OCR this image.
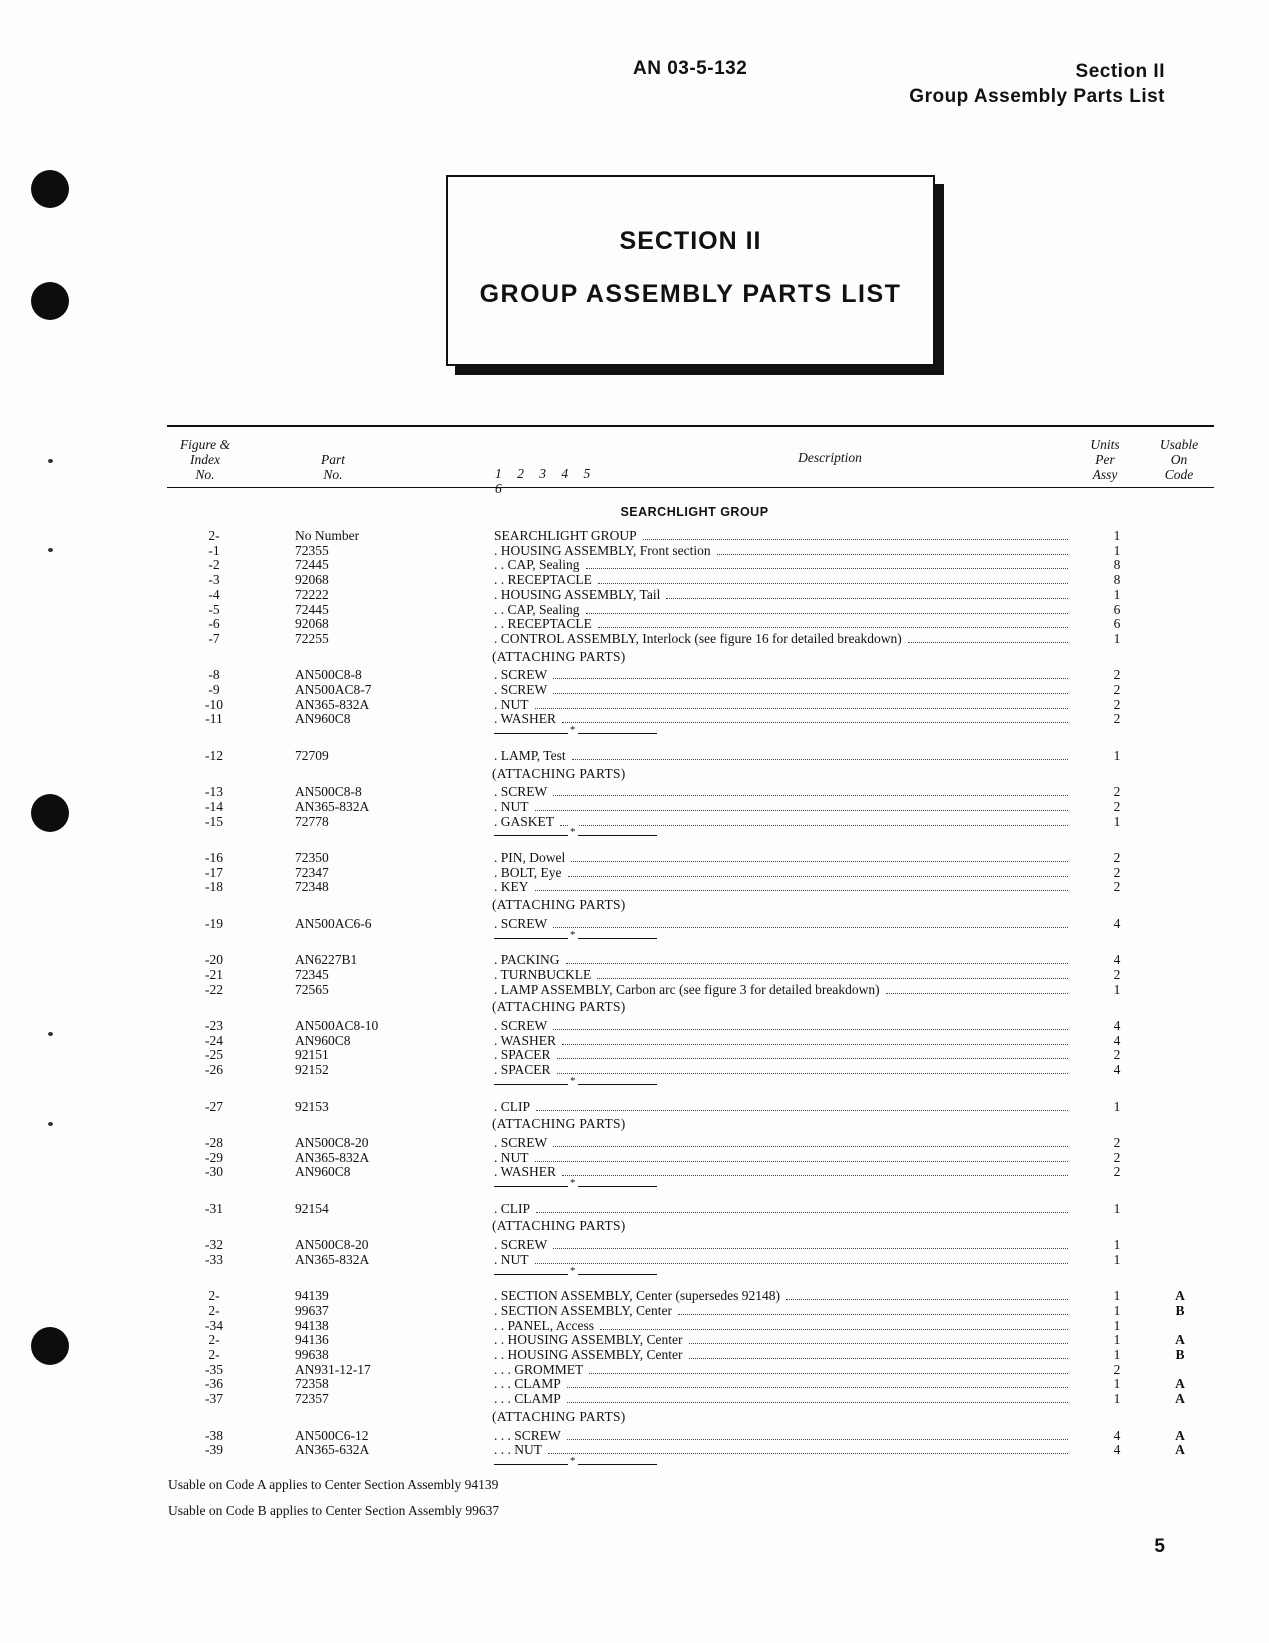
AN 03-5-132	Section II
Group Assembly Parts List
SECTION II
GROUP ASSEMBLY PARTS LIST
Figure &
Index
No.
Part
No.	1 2 3 4 5 6
Description
Units
Per
Assy
Usable
On
Code
SEARCHLIGHT GROUP
2-	No Number	SEARCHLIGHT GROUP	1
-1	72355	. HOUSING ASSEMBLY, Front section	1
-2	72445	. . CAP, Sealing	8
-3	92068	. . RECEPTACLE	8
-4	72222	. HOUSING ASSEMBLY, Tail	1
-5	72445	. . CAP, Sealing	6
-6	92068	. . RECEPTACLE	6
-7	72255	. CONTROL ASSEMBLY, Interlock (see figure 16 for detailed breakdown)	1
(ATTACHING PARTS)
-8	AN500C8-8	. SCREW	2
-9	AN500AC8-7	. SCREW	2
-10	AN365-832A	. NUT	2
-11	AN960C8	. WASHER	2
*
-12	72709	. LAMP, Test	1
(ATTACHING PARTS)
-13	AN500C8-8	. SCREW	2
-14	AN365-832A	. NUT	2
-15	72778	. GASKET	1
*
-16	72350	. PIN, Dowel	2
-17	72347	. BOLT, Eye	2
-18	72348	. KEY	2
(ATTACHING PARTS)
-19	AN500AC6-6	. SCREW	4
*
-20	AN6227B1	. PACKING	4
-21	72345	. TURNBUCKLE	2
-22	72565	. LAMP ASSEMBLY, Carbon arc (see figure 3 for detailed breakdown)	1
(ATTACHING PARTS)
-23	AN500AC8-10	. SCREW	4
-24	AN960C8	. WASHER	4
-25	92151	. SPACER	2
-26	92152	. SPACER	4
*
-27	92153	. CLIP	1
(ATTACHING PARTS)
-28	AN500C8-20	. SCREW	2
-29	AN365-832A	. NUT	2
-30	AN960C8	. WASHER	2
*
-31	92154	. CLIP	1
(ATTACHING PARTS)
-32	AN500C8-20	. SCREW	1
-33	AN365-832A	. NUT	1
*
2-	94139	. SECTION ASSEMBLY, Center (supersedes 92148)	1	A
2-	99637	. SECTION ASSEMBLY, Center	1	B
-34	94138	. . PANEL, Access	1
2-	94136	. . HOUSING ASSEMBLY, Center	1	A
2-	99638	. . HOUSING ASSEMBLY, Center	1	B
-35	AN931-12-17	. . . GROMMET	2
-36	72358	. . . CLAMP	1	A
-37	72357	. . . CLAMP	1	A
(ATTACHING PARTS)
-38	AN500C6-12	. . . SCREW	4	A
-39	AN365-632A	. . . NUT	4	A
*
Usable on Code A applies to Center Section Assembly 94139
Usable on Code B applies to Center Section Assembly 99637
5
